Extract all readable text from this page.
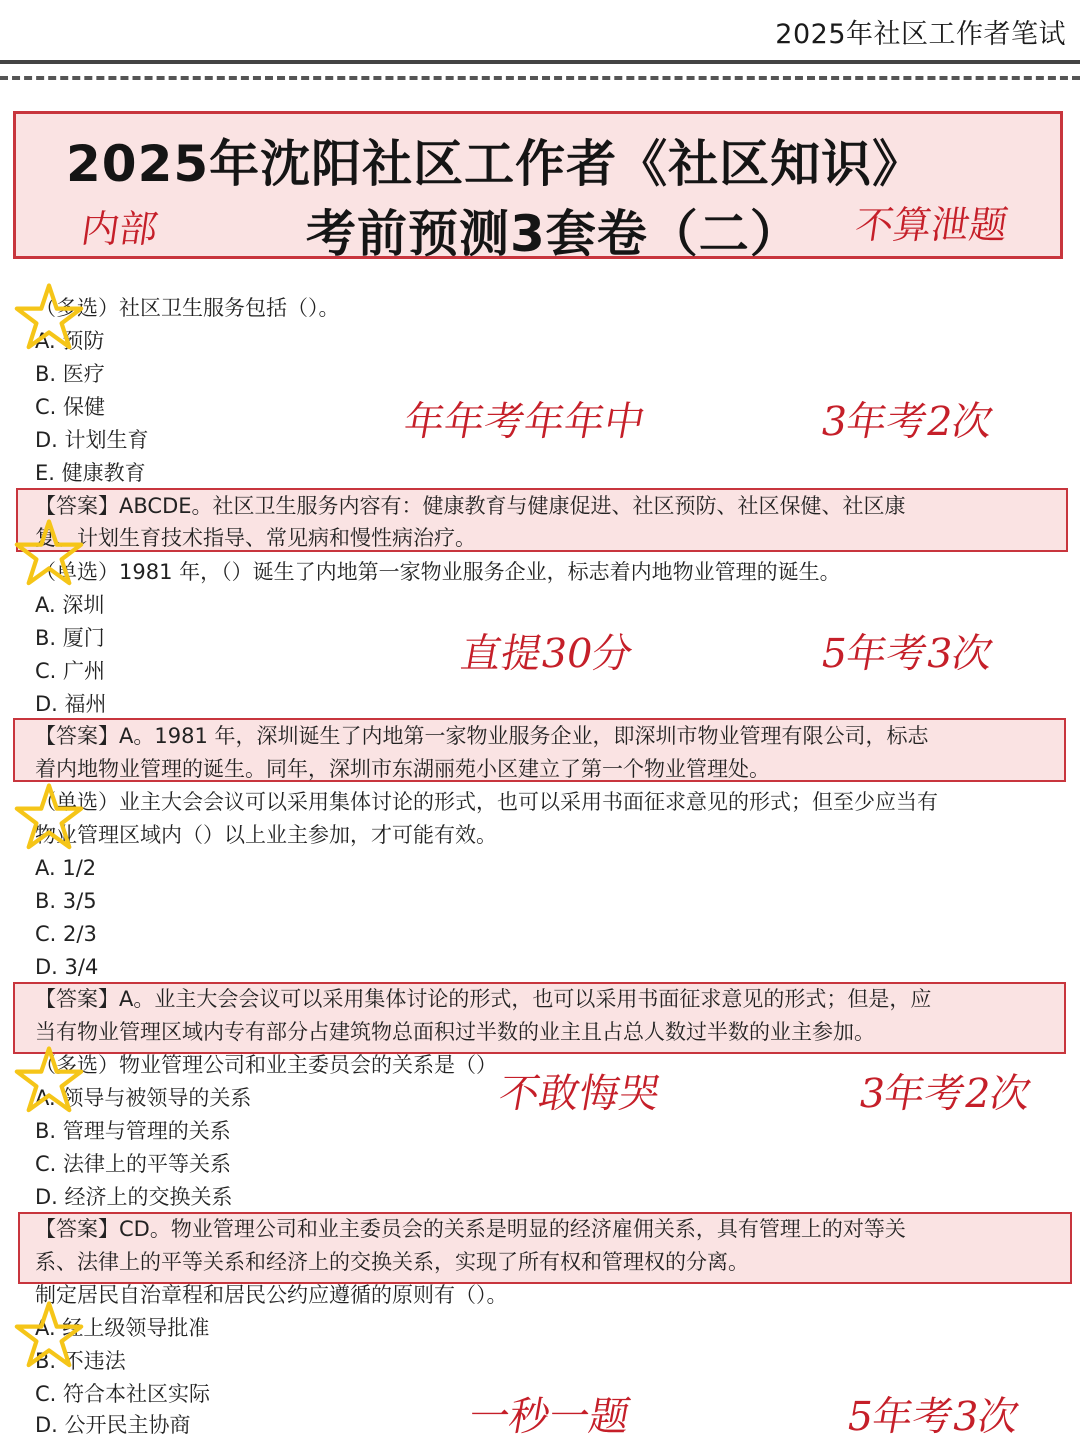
2025年社区工作者笔试
2025年沈阳社区工作者《社区知识》
考前预测3套卷（二）
内部	不算泄题
（多选）社区卫生服务包括（）。
A. 预防
B. 医疗
C. 保健
D. 计划生育
E. 健康教育
【答案】ABCDE。社区卫生服务内容有：健康教育与健康促进、社区预防、社区保健、社区康
复、计划生育技术指导、常见病和慢性病治疗。
年年考年年中	3年考2次
（单选）1981 年，（）诞生了内地第一家物业服务企业，标志着内地物业管理的诞生。
A. 深圳
B. 厦门
C. 广州
D. 福州
【答案】A。1981 年，深圳诞生了内地第一家物业服务企业，即深圳市物业管理有限公司，标志
着内地物业管理的诞生。同年，深圳市东湖丽苑小区建立了第一个物业管理处。
直提30分	5年考3次
（单选）业主大会会议可以采用集体讨论的形式，也可以采用书面征求意见的形式；但至少应当有
物业管理区域内（）以上业主参加，才可能有效。
A. 1/2
B. 3/5
C. 2/3
D. 3/4
【答案】A。业主大会会议可以采用集体讨论的形式，也可以采用书面征求意见的形式；但是，应
当有物业管理区域内专有部分占建筑物总面积过半数的业主且占总人数过半数的业主参加。
（多选）物业管理公司和业主委员会的关系是（）
A. 领导与被领导的关系
B. 管理与管理的关系
C. 法律上的平等关系
D. 经济上的交换关系
【答案】CD。物业管理公司和业主委员会的关系是明显的经济雇佣关系，具有管理上的对等关
系、法律上的平等关系和经济上的交换关系，实现了所有权和管理权的分离。
不敢悔哭	3年考2次
制定居民自治章程和居民公约应遵循的原则有（）。
A. 经上级领导批准
B. 不违法
C. 符合本社区实际
D. 公开民主协商	一秒一题	5年考3次
